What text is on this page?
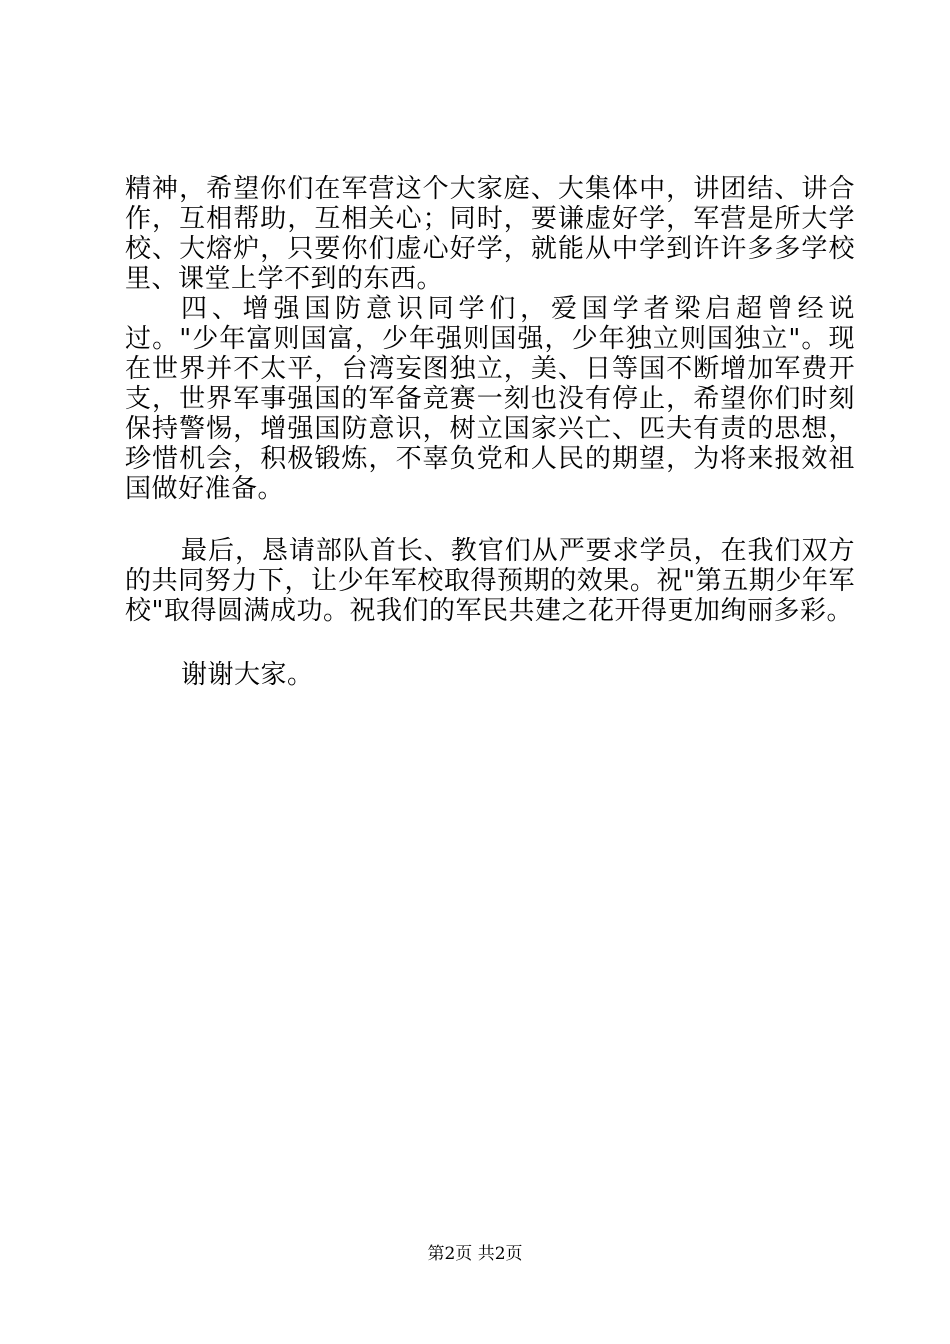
精神，希望你们在军营这个大家庭、大集体中，讲团结、讲合作，互相帮助，互相关心；同时，要谦虚好学，军营是所大学校、大熔炉，只要你们虚心好学，就能从中学到许许多多学校里、课堂上学不到的东西。

四、增强国防意识同学们，爱国学者梁启超曾经说过。"少年富则国富，少年强则国强，少年独立则国独立"。现在世界并不太平，台湾妄图独立，美、日等国不断增加军费开支，世界军事强国的军备竞赛一刻也没有停止，希望你们时刻保持警惕，增强国防意识，树立国家兴亡、匹夫有责的思想，珍惜机会，积极锻炼，不辜负党和人民的期望，为将来报效祖国做好准备。

最后，恳请部队首长、教官们从严要求学员，在我们双方的共同努力下，让少年军校取得预期的效果。祝"第五期少年军校"取得圆满成功。祝我们的军民共建之花开得更加绚丽多彩。

谢谢大家。

第2页 共2页
